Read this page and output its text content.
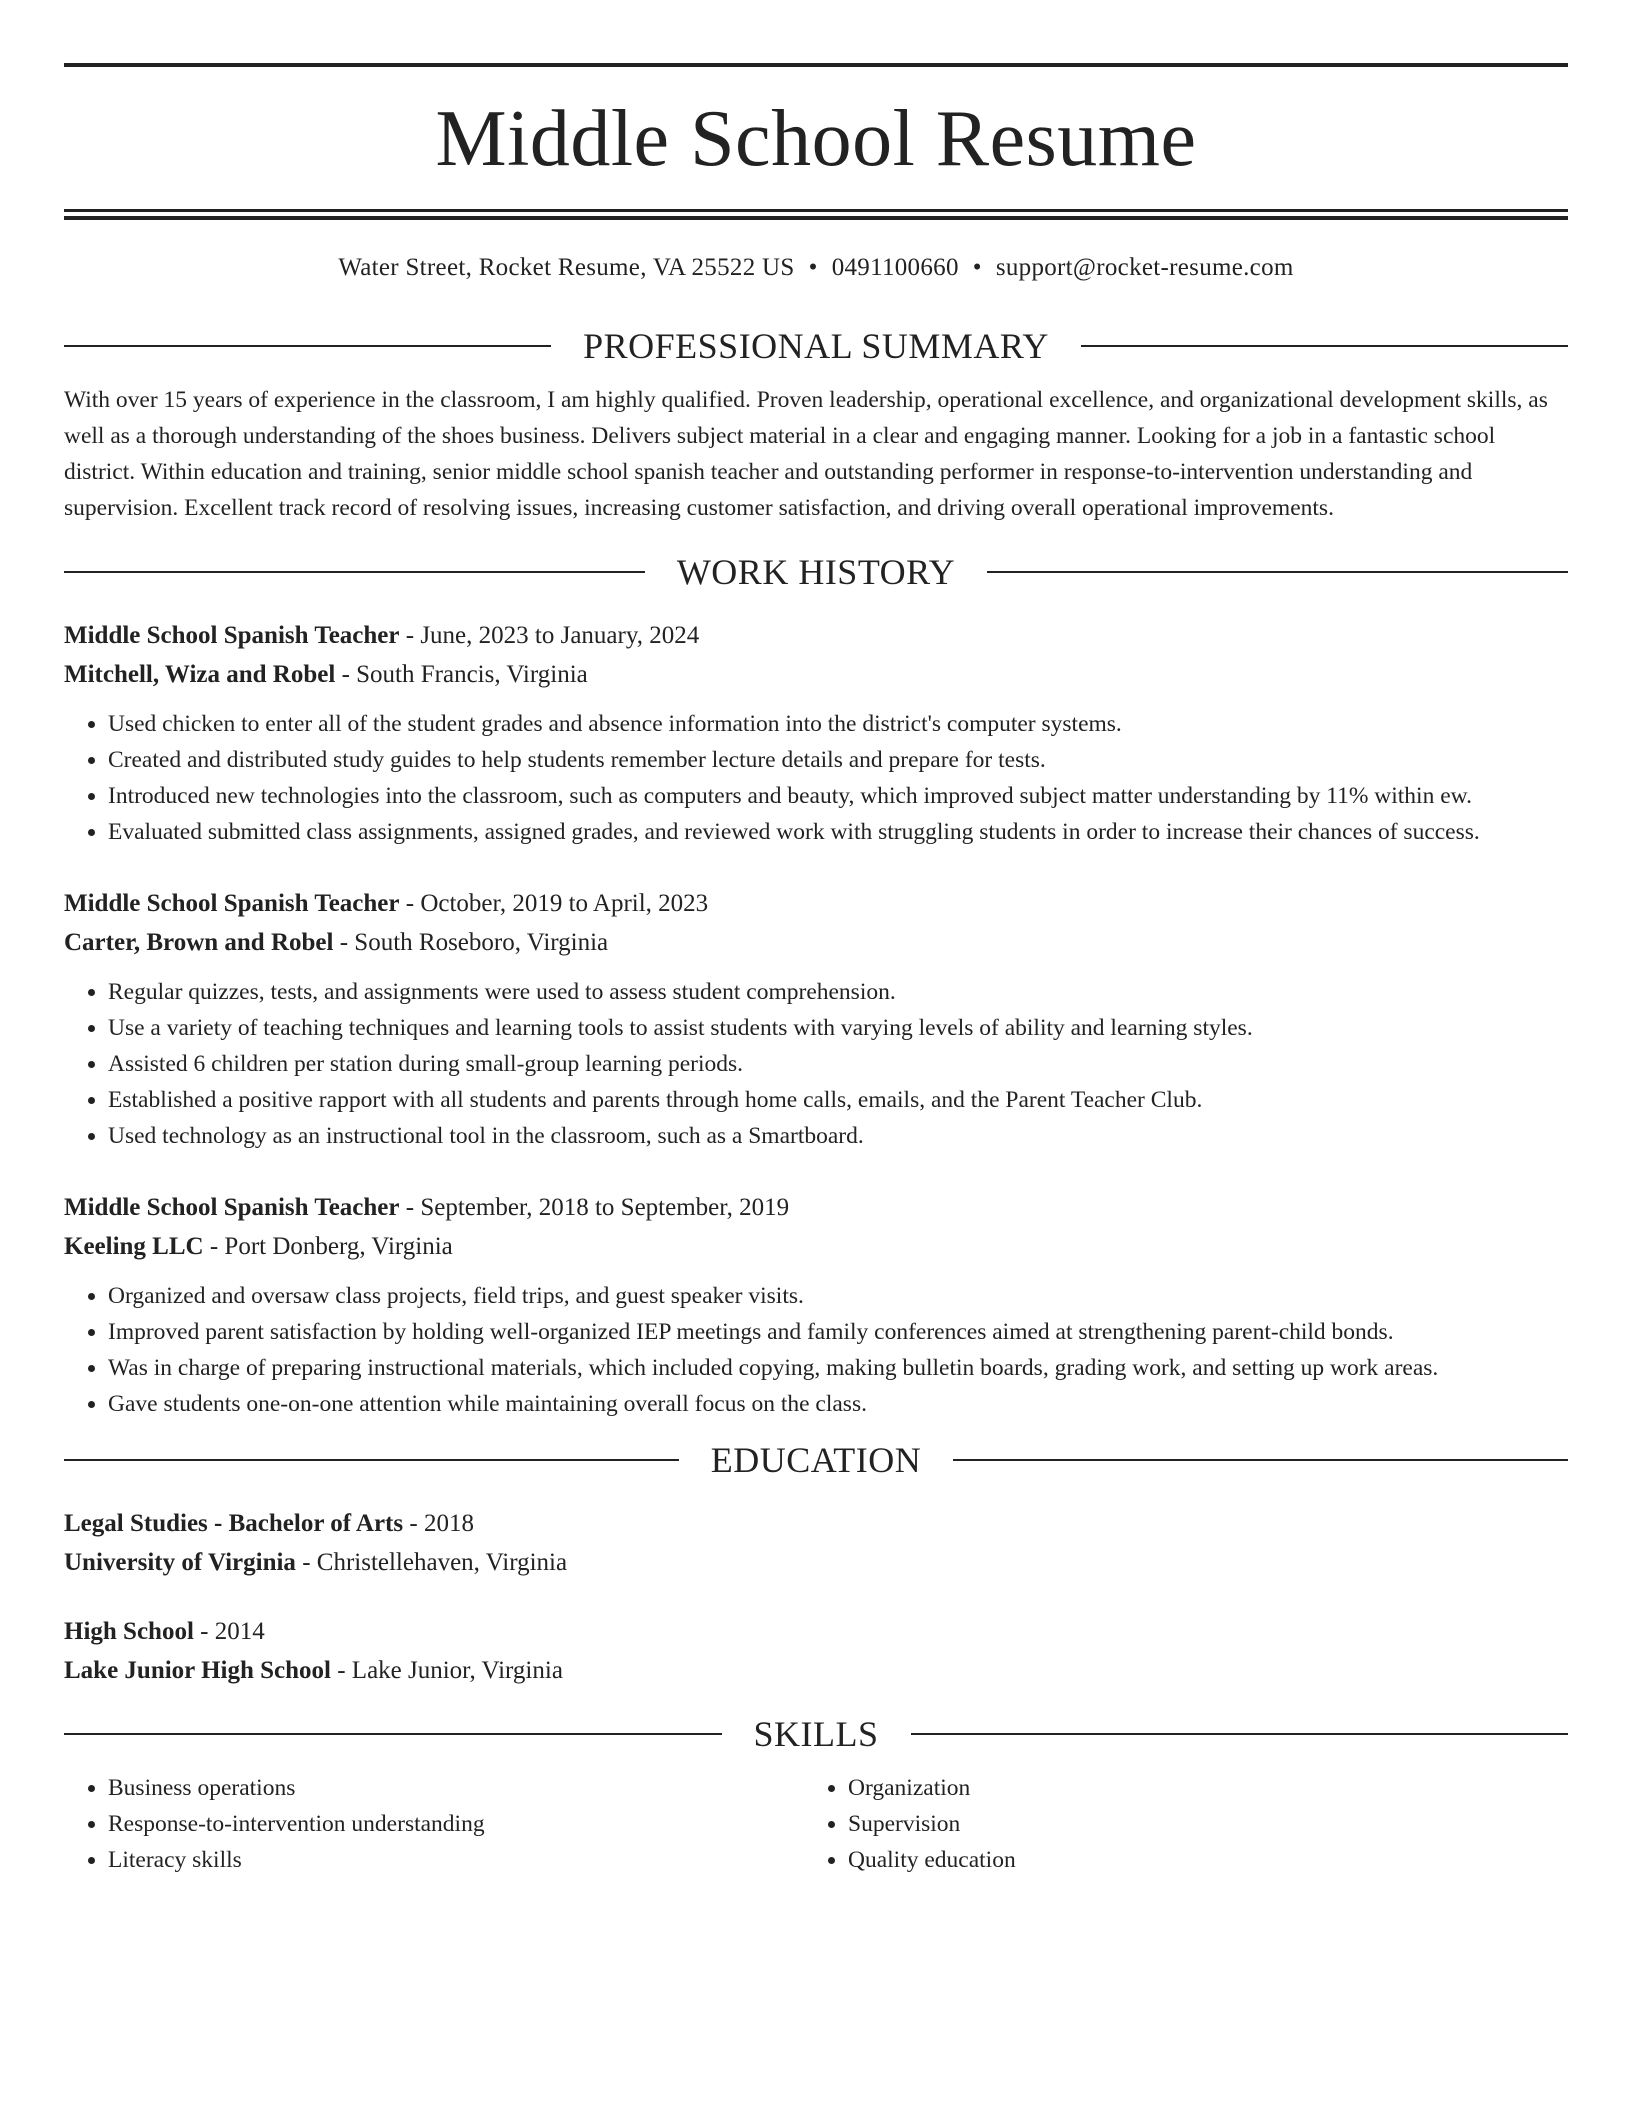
Middle School Resume
Water Street, Rocket Resume, VA 25522 US • 0491100660 • support@rocket-resume.com
PROFESSIONAL SUMMARY

With over 15 years of experience in the classroom, I am highly qualified. Proven leadership, operational excellence, and organizational development skills, as well as a thorough understanding of the shoes business. Delivers subject material in a clear and engaging manner. Looking for a job in a fantastic school district. Within education and training, senior middle school spanish teacher and outstanding performer in response-to-intervention understanding and supervision. Excellent track record of resolving issues, increasing customer satisfaction, and driving overall operational improvements.

WORK HISTORY
Middle School Spanish Teacher - June, 2023 to January, 2024
Mitchell, Wiza and Robel - South Francis, Virginia
• Used chicken to enter all of the student grades and absence information into the district's computer systems.
• Created and distributed study guides to help students remember lecture details and prepare for tests.
• Introduced new technologies into the classroom, such as computers and beauty, which improved subject matter understanding by 11% within ew.
• Evaluated submitted class assignments, assigned grades, and reviewed work with struggling students in order to increase their chances of success.
Middle School Spanish Teacher - October, 2019 to April, 2023
Carter, Brown and Robel - South Roseboro, Virginia
• Regular quizzes, tests, and assignments were used to assess student comprehension.
• Use a variety of teaching techniques and learning tools to assist students with varying levels of ability and learning styles.
• Assisted 6 children per station during small-group learning periods.
• Established a positive rapport with all students and parents through home calls, emails, and the Parent Teacher Club.
• Used technology as an instructional tool in the classroom, such as a Smartboard.
Middle School Spanish Teacher - September, 2018 to September, 2019
Keeling LLC - Port Donberg, Virginia
• Organized and oversaw class projects, field trips, and guest speaker visits.
• Improved parent satisfaction by holding well-organized IEP meetings and family conferences aimed at strengthening parent-child bonds.
• Was in charge of preparing instructional materials, which included copying, making bulletin boards, grading work, and setting up work areas.
• Gave students one-on-one attention while maintaining overall focus on the class.
EDUCATION
Legal Studies - Bachelor of Arts - 2018
University of Virginia - Christellehaven, Virginia
High School - 2014
Lake Junior High School - Lake Junior, Virginia
SKILLS
• Business operations
• Response-to-intervention understanding
• Literacy skills
• Organization
• Supervision
• Quality education
